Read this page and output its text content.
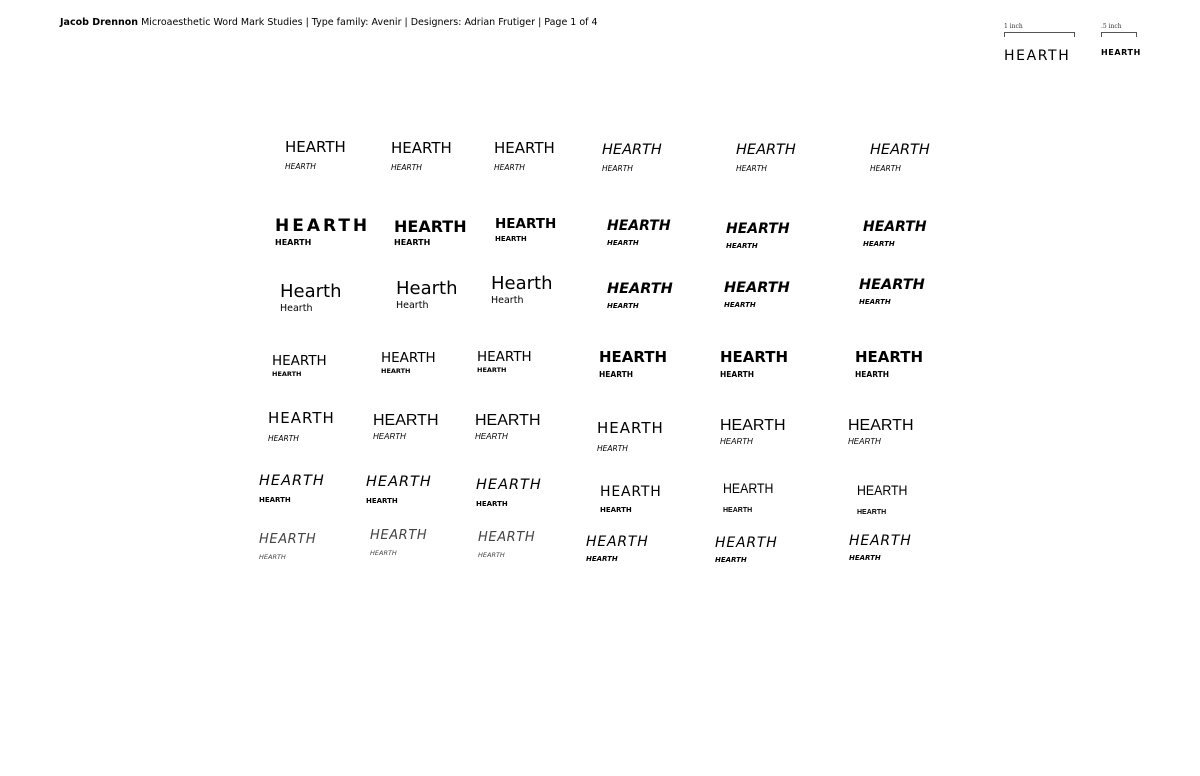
Jacob Drennon Microaesthetic Word Mark Studies | Type family: Avenir | Designers: Adrian Frutiger | Page 1 of 4	1 inch
HEARTH
.5 inch
HEARTH
HEARTH
HEARTH
HEARTH
HEARTH
HEARTH
HEARTH
HEARTH
HEARTH
HEARTH
HEARTH
HEARTH
HEARTH
HEARTH
HEARTH
HEARTH
HEARTH
HEARTH
HEARTH
HEARTH
HEARTH
HEARTH
HEARTH
HEARTH
HEARTH
Hearth
Hearth
Hearth
Hearth
Hearth
Hearth
HEARTH
HEARTH
HEARTH
HEARTH
HEARTH
HEARTH
HEARTH
HEARTH
HEARTH
HEARTH
HEARTH
HEARTH
HEARTH
HEARTH
HEARTH
HEARTH
HEARTH
HEARTH
HEARTH
HEARTH
HEARTH
HEARTH
HEARTH
HEARTH	HEARTH
HEARTH
HEARTH
HEARTH
HEARTH
HEARTH
HEARTH
HEARTH
HEARTH
HEARTH
HEARTH
HEARTH
HEARTH
HEARTH
HEARTH
HEARTH
HEARTH
HEARTH
HEARTH
HEARTH
HEARTH
HEARTH
HEARTH
HEARTH
HEARTH
HEARTH
HEARTH
HEARTH
HEARTH
HEARTH
